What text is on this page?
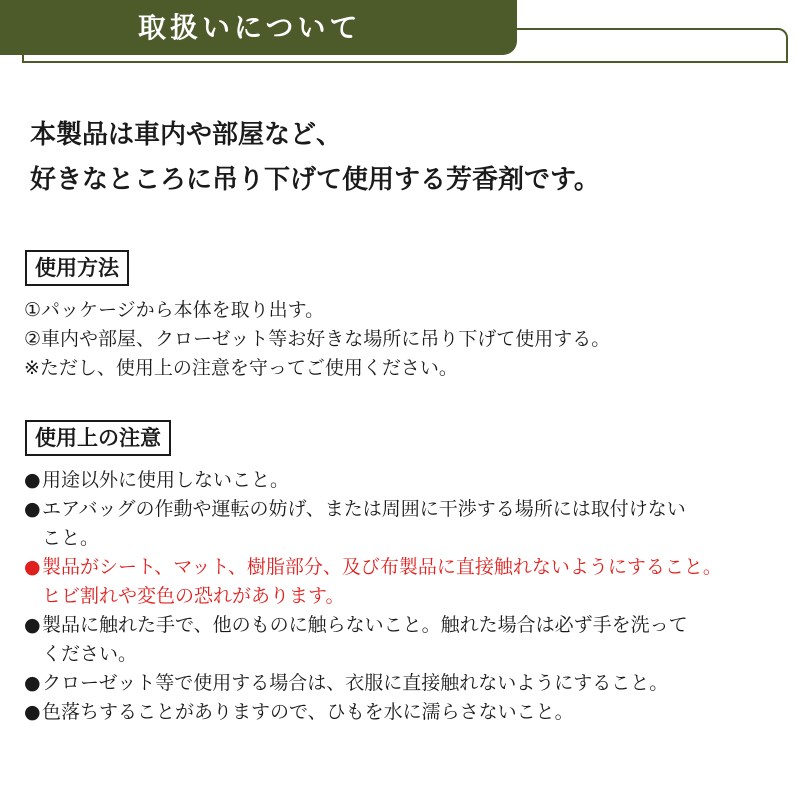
取扱いについて
本製品は車内や部屋など、
好きなところに吊り下げて使用する芳香剤です。
使用方法
①パッケージから本体を取り出す。
②車内や部屋、クローゼット等お好きな場所に吊り下げて使用する。
※ただし、使用上の注意を守ってご使用ください。
使用上の注意
● 用途以外に使用しないこと。
● エアバッグの作動や運転の妨げ、または周囲に干渉する場所には取付けない
こと。
● 製品がシート、マット、樹脂部分、及び布製品に直接触れないようにすること。
ヒビ割れや変色の恐れがあります。
● 製品に触れた手で、他のものに触らないこと。触れた場合は必ず手を洗って
ください。
● クローゼット等で使用する場合は、衣服に直接触れないようにすること。
● 色落ちすることがありますので、ひもを水に濡らさないこと。
